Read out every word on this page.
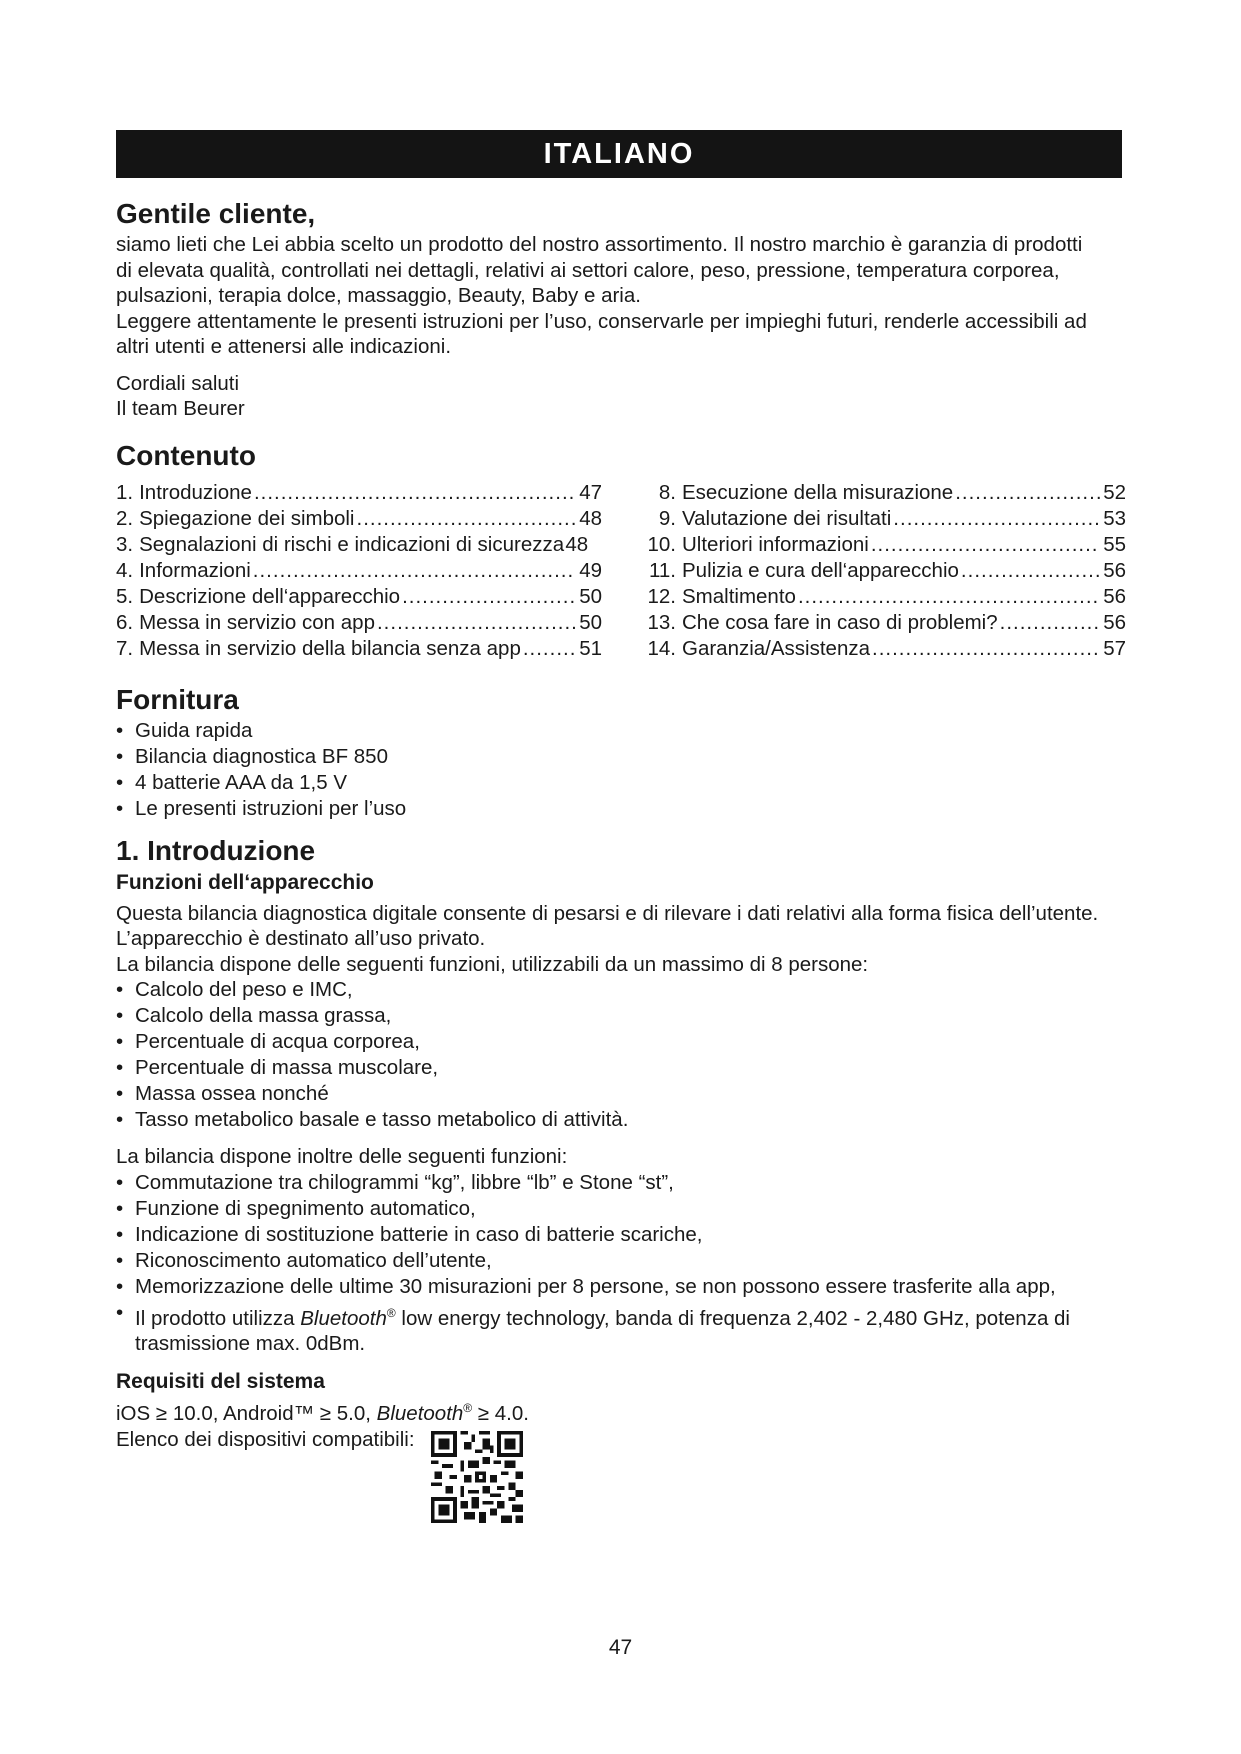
ITALIANO
Gentile cliente,

siamo lieti che Lei abbia scelto un prodotto del nostro assortimento. Il nostro marchio è garanzia di prodotti

di elevata qualità, controllati nei dettagli, relativi ai settori calore, peso, pressione, temperatura corporea,

pulsazioni, terapia dolce, massaggio, Beauty, Baby e aria.

Leggere attentamente le presenti istruzioni per l’uso, conservarle per impieghi futuri, renderle accessibili ad

altri utenti e attenersi alle indicazioni.

Cordiali saluti

Il team Beurer

Contenuto
1. Introduzione .....	47
2. Spiegazione dei simboli .....	48
3. Segnalazioni di rischi e indicazioni di sicurezza 48
4. Informazioni .....	49
5. Descrizione dell‘apparecchio .....	50
6. Messa in servizio con app .....	50
7. Messa in servizio della bilancia senza app .....	51
8. Esecuzione della misurazione .....	52
9. Valutazione dei risultati .....	53
10. Ulteriori informazioni .....	55
11. Pulizia e cura dell‘apparecchio .....	56
12. Smaltimento .....	56
13. Che cosa fare in caso di problemi? .....	56
14. Garanzia/Assistenza .....	57
Fornitura
• Guida rapida
• Bilancia diagnostica BF 850
• 4 batterie AAA da 1,5 V
• Le presenti istruzioni per l’uso
1. Introduzione
Funzioni dell‘apparecchio

Questa bilancia diagnostica digitale consente di pesarsi e di rilevare i dati relativi alla forma fisica dell’utente.

L’apparecchio è destinato all’uso privato.

La bilancia dispone delle seguenti funzioni, utilizzabili da un massimo di 8 persone:

• Calcolo del peso e IMC,
• Calcolo della massa grassa,
• Percentuale di acqua corporea,
• Percentuale di massa muscolare,
• Massa ossea nonché
• Tasso metabolico basale e tasso metabolico di attività.

La bilancia dispone inoltre delle seguenti funzioni:

• Commutazione tra chilogrammi “kg”, libbre “lb” e Stone “st”,
• Funzione di spegnimento automatico,
• Indicazione di sostituzione batterie in caso di batterie scariche,
• Riconoscimento automatico dell’utente,
• Memorizzazione delle ultime 30 misurazioni per 8 persone, se non possono essere trasferite alla app,
• Il prodotto utilizza Bluetooth® low energy technology, banda di frequenza 2,402 - 2,480 GHz, potenza di
trasmissione max. 0dBm.
Requisiti del sistema

iOS ≥ 10.0, Android™ ≥ 5.0, Bluetooth® ≥ 4.0.

Elenco dei dispositivi compatibili:

47
